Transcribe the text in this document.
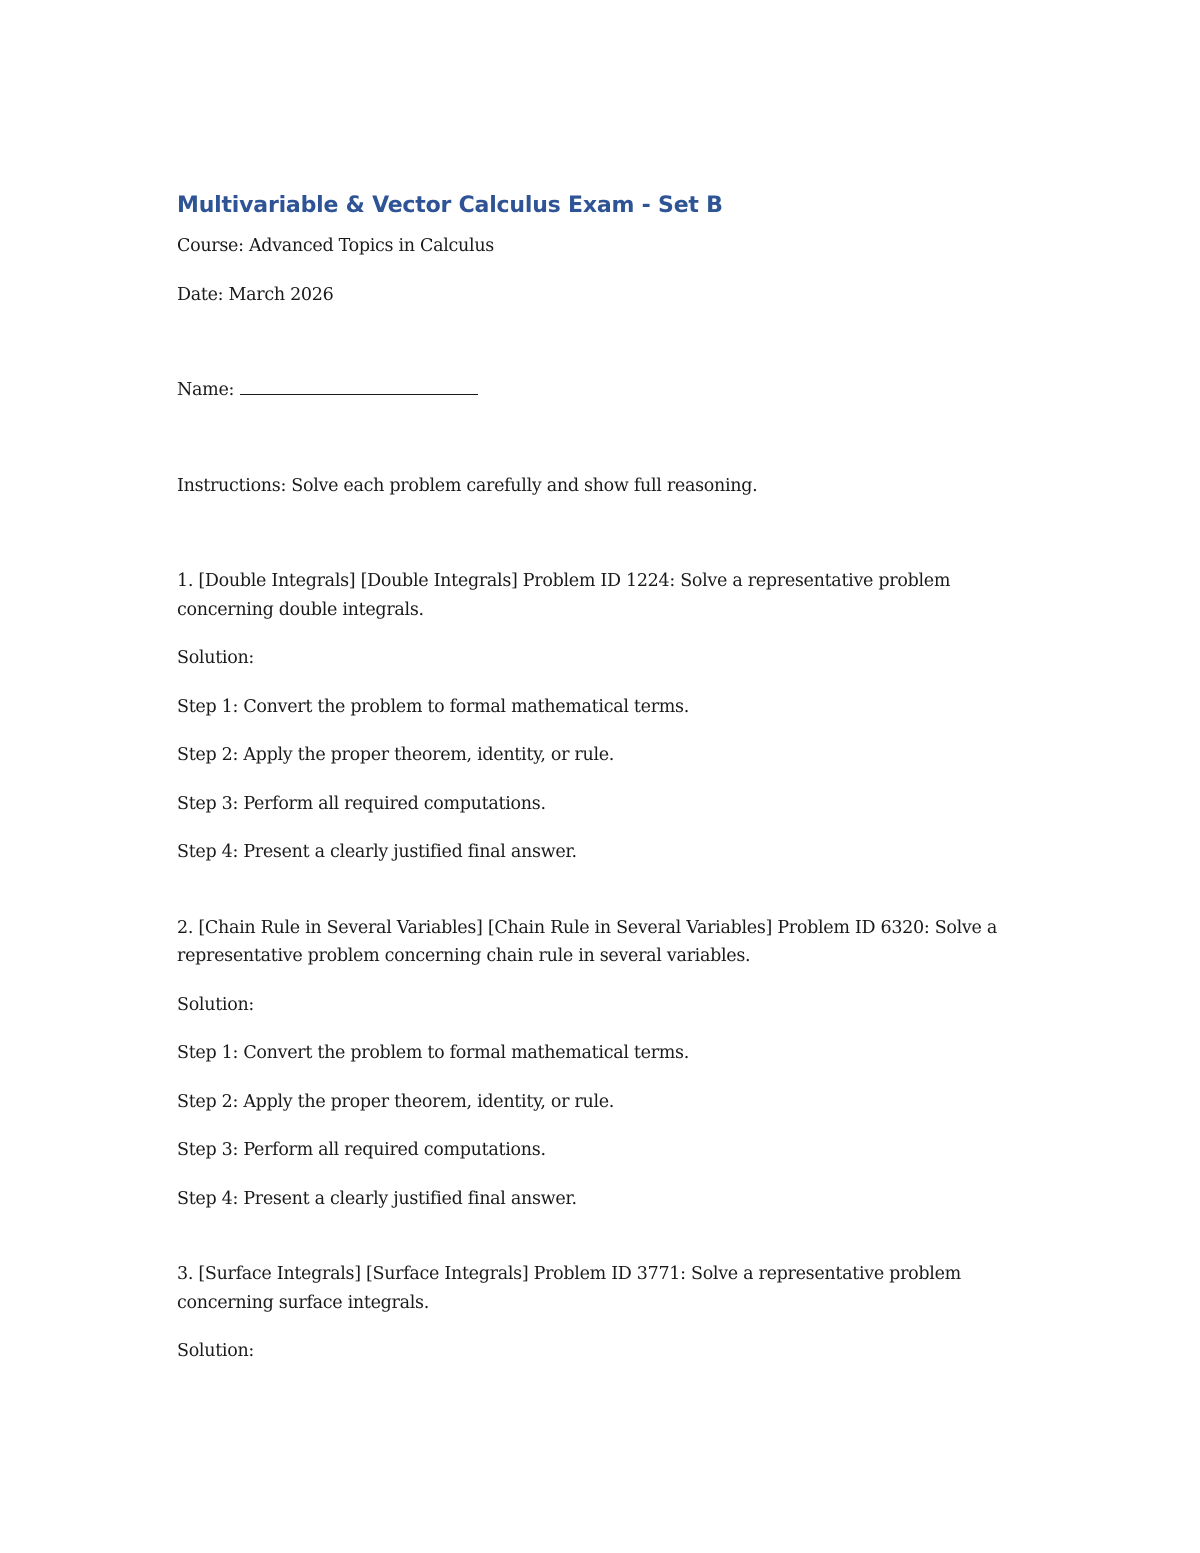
Multivariable & Vector Calculus Exam - Set B

Course: Advanced Topics in Calculus

Date: March 2026

Name:

Instructions: Solve each problem carefully and show full reasoning.

1. [Double Integrals] [Double Integrals] Problem ID 1224: Solve a representative problem concerning double integrals.

Solution:

Step 1: Convert the problem to formal mathematical terms.

Step 2: Apply the proper theorem, identity, or rule.

Step 3: Perform all required computations.

Step 4: Present a clearly justified final answer.

2. [Chain Rule in Several Variables] [Chain Rule in Several Variables] Problem ID 6320: Solve a representative problem concerning chain rule in several variables.

Solution:

Step 1: Convert the problem to formal mathematical terms.

Step 2: Apply the proper theorem, identity, or rule.

Step 3: Perform all required computations.

Step 4: Present a clearly justified final answer.

3. [Surface Integrals] [Surface Integrals] Problem ID 3771: Solve a representative problem concerning surface integrals.

Solution:
